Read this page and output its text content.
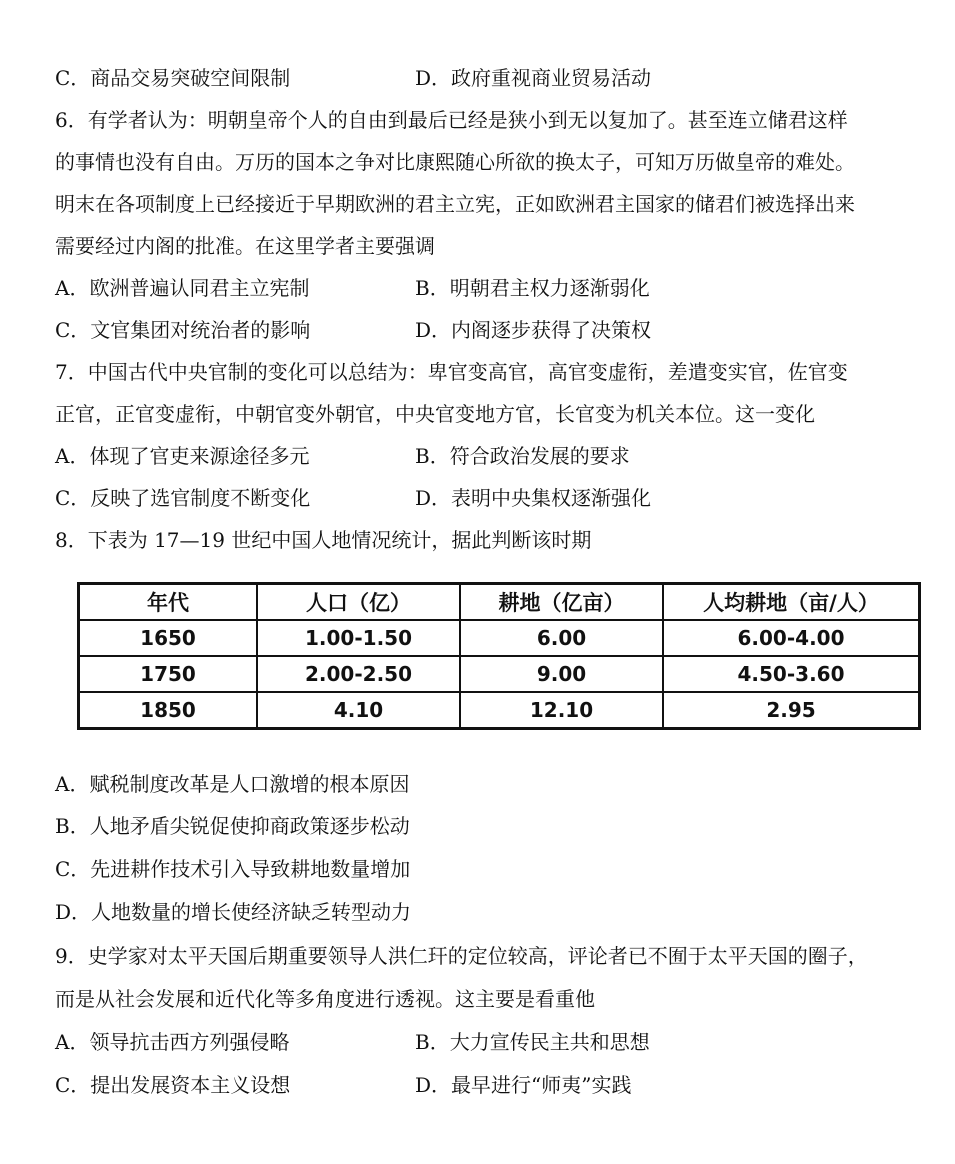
C．商品交易突破空间限制	D．政府重视商业贸易活动
6．有学者认为：明朝皇帝个人的自由到最后已经是狭小到无以复加了。甚至连立储君这样
的事情也没有自由。万历的国本之争对比康熙随心所欲的换太子，可知万历做皇帝的难处。
明末在各项制度上已经接近于早期欧洲的君主立宪，正如欧洲君主国家的储君们被选择出来
需要经过内阁的批准。在这里学者主要强调
A．欧洲普遍认同君主立宪制	B．明朝君主权力逐渐弱化
C．文官集团对统治者的影响	D．内阁逐步获得了决策权
7．中国古代中央官制的变化可以总结为：卑官变高官，高官变虚衔，差遣变实官，佐官变
正官，正官变虚衔，中朝官变外朝官，中央官变地方官，长官变为机关本位。这一变化
A．体现了官吏来源途径多元	B．符合政治发展的要求
C．反映了选官制度不断变化	D．表明中央集权逐渐强化
8．下表为 17—19 世纪中国人地情况统计，据此判断该时期
年代	人口（亿）	耕地（亿亩）	人均耕地（亩/人）
1650	1.00-1.50	6.00	6.00-4.00
1750	2.00-2.50	9.00	4.50-3.60
1850	4.10	12.10	2.95
A．赋税制度改革是人口激增的根本原因
B．人地矛盾尖锐促使抑商政策逐步松动
C．先进耕作技术引入导致耕地数量增加
D．人地数量的增长使经济缺乏转型动力
9．史学家对太平天国后期重要领导人洪仁玕的定位较高，评论者已不囿于太平天国的圈子，
而是从社会发展和近代化等多角度进行透视。这主要是看重他
A．领导抗击西方列强侵略	B．大力宣传民主共和思想
C．提出发展资本主义设想	D．最早进行“师夷”实践
